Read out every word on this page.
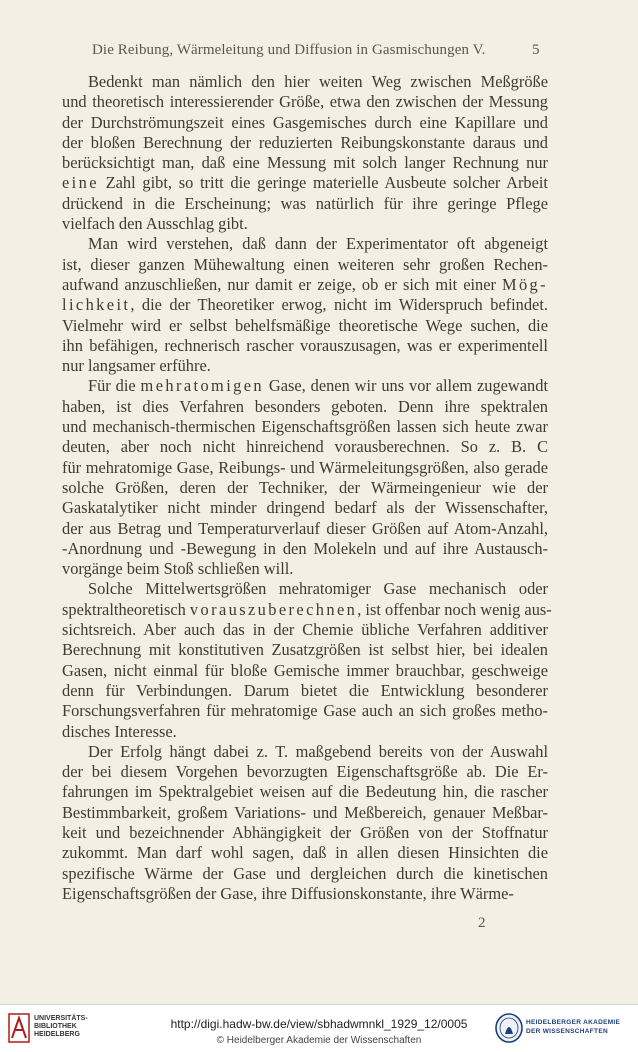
Die Reibung, Wärmeleitung und Diffusion in Gasmischungen V.	5
Bedenkt man nämlich den hier weiten Weg zwischen Meßgröße
und theoretisch interessierender Größe, etwa den zwischen der Messung
der Durchströmungszeit eines Gasgemisches durch eine Kapillare und
der bloßen Berechnung der reduzierten Reibungskonstante daraus und
berücksichtigt man, daß eine Messung mit solch langer Rechnung nur
eine Zahl gibt, so tritt die geringe materielle Ausbeute solcher Arbeit
drückend in die Erscheinung; was natürlich für ihre geringe Pflege
vielfach den Ausschlag gibt.
Man wird verstehen, daß dann der Experimentator oft abgeneigt
ist, dieser ganzen Mühewaltung einen weiteren sehr großen Rechen-
aufwand anzuschließen, nur damit er zeige, ob er sich mit einer Mög-
lichkeit, die der Theoretiker erwog, nicht im Widerspruch befindet.
Vielmehr wird er selbst behelfsmäßige theoretische Wege suchen, die
ihn befähigen, rechnerisch rascher vorauszusagen, was er experimentell
nur langsamer erführe.
Für die mehratomigen Gase, denen wir uns vor allem zugewandt
haben, ist dies Verfahren besonders geboten. Denn ihre spektralen
und mechanisch-thermischen Eigenschaftsgrößen lassen sich heute zwar
deuten, aber noch nicht hinreichend vorausberechnen. So z. B. C
für mehratomige Gase, Reibungs- und Wärmeleitungsgrößen, also gerade
solche Größen, deren der Techniker, der Wärmeingenieur wie der
Gaskatalytiker nicht minder dringend bedarf als der Wissenschafter,
der aus Betrag und Temperaturverlauf dieser Größen auf Atom-Anzahl,
-Anordnung und -Bewegung in den Molekeln und auf ihre Austausch-
vorgänge beim Stoß schließen will.
Solche Mittelwertsgrößen mehratomiger Gase mechanisch oder
spektraltheoretisch vorauszuberechnen, ist offenbar noch wenig aus-
sichtsreich. Aber auch das in der Chemie übliche Verfahren additiver
Berechnung mit konstitutiven Zusatzgrößen ist selbst hier, bei idealen
Gasen, nicht einmal für bloße Gemische immer brauchbar, geschweige
denn für Verbindungen. Darum bietet die Entwicklung besonderer
Forschungsverfahren für mehratomige Gase auch an sich großes metho-
disches Interesse.
Der Erfolg hängt dabei z. T. maßgebend bereits von der Auswahl
der bei diesem Vorgehen bevorzugten Eigenschaftsgröße ab. Die Er-
fahrungen im Spektralgebiet weisen auf die Bedeutung hin, die rascher
Bestimmbarkeit, großem Variations- und Meßbereich, genauer Meßbar-
keit und bezeichnender Abhängigkeit der Größen von der Stoffnatur
zukommt. Man darf wohl sagen, daß in allen diesen Hinsichten die
spezifische Wärme der Gase und dergleichen durch die kinetischen
Eigenschaftsgrößen der Gase, ihre Diffusionskonstante, ihre Wärme-
2
UNIVERSITÄTS-
BIBLIOTHEK
HEIDELBERG
http://digi.hadw-bw.de/view/sbhadwmnkl_1929_12/0005
© Heidelberger Akademie der Wissenschaften
HEIDELBERGER AKADEMIE
DER WISSENSCHAFTEN
